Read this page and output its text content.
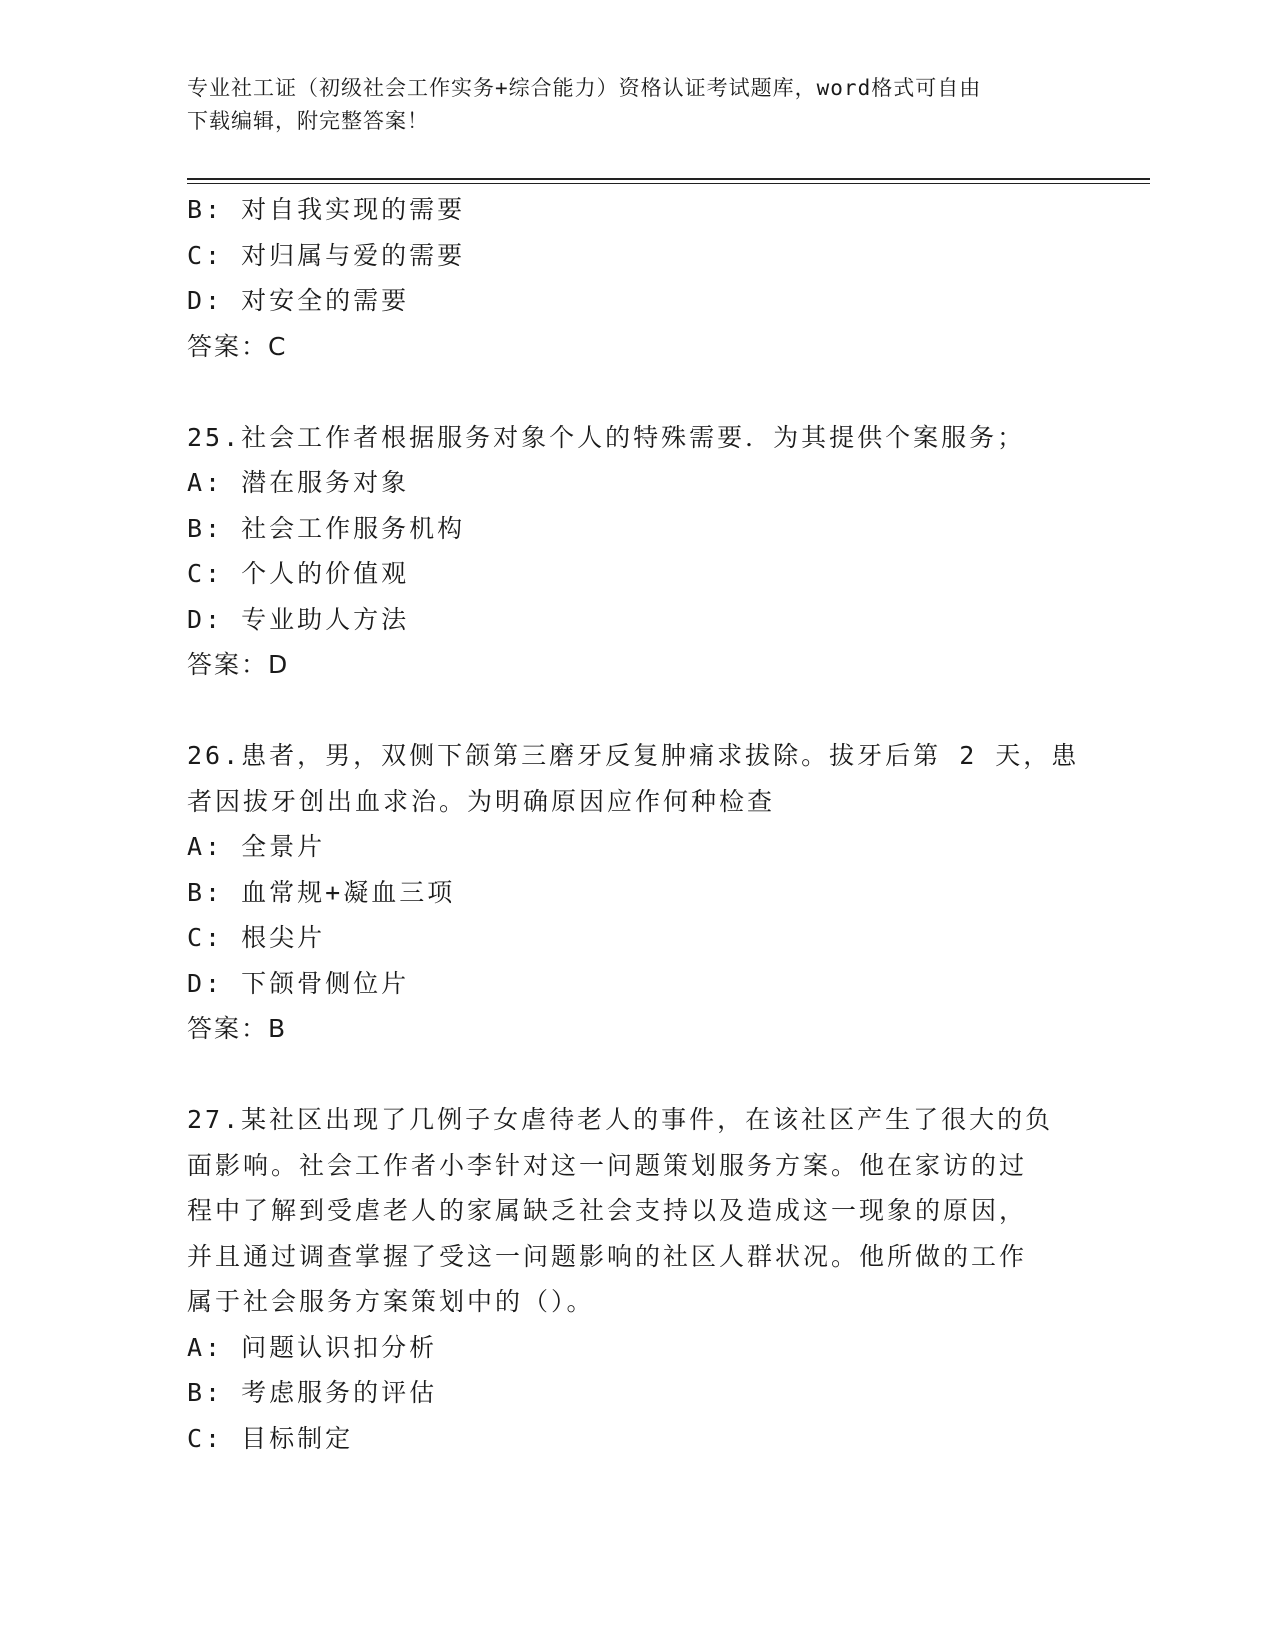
专业社工证（初级社会工作实务+综合能力）资格认证考试题库，word格式可自由
下载编辑，附完整答案！
B: 对自我实现的需要
C: 对归属与爱的需要
D: 对安全的需要
答案：C
25.社会工作者根据服务对象个人的特殊需要．为其提供个案服务；
A: 潜在服务对象
B: 社会工作服务机构
C: 个人的价值观
D: 专业助人方法
答案：D
26.患者，男，双侧下颌第三磨牙反复肿痛求拔除。拔牙后第 2 天，患
者因拔牙创出血求治。为明确原因应作何种检查
A: 全景片
B: 血常规+凝血三项
C: 根尖片
D: 下颌骨侧位片
答案：B
27.某社区出现了几例子女虐待老人的事件，在该社区产生了很大的负
面影响。社会工作者小李针对这一问题策划服务方案。他在家访的过
程中了解到受虐老人的家属缺乏社会支持以及造成这一现象的原因，
并且通过调查掌握了受这一问题影响的社区人群状况。他所做的工作
属于社会服务方案策划中的（）。
A: 问题认识扣分析
B: 考虑服务的评估
C: 目标制定
